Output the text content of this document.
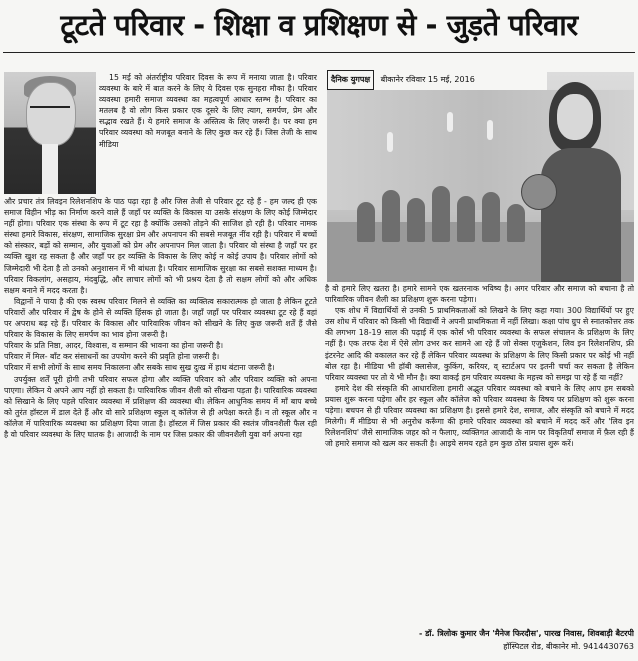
टूटते परिवार - शिक्षा व प्रशिक्षण से - जुड़ते परिवार

15 मई को अंतर्राष्ट्रीय परिवार दिवस के रूप में मनाया जाता है। परिवार व्यवस्था के बारे में बात करने के लिए ये दिवस एक सुनहरा मौका है। परिवार व्यवस्था हमारी समाज व्यवस्था का महत्वपूर्ण आधार स्तम्भ है। परिवार का मतलब है वो लोग किस प्रकार एक दूसरे के लिए त्याग, समर्पण, प्रेम और सद्भाव रखते हैं। ये हमारे समाज के अस्तित्व के लिए जरूरी है। पर क्या हम परिवार व्यवस्था को मजबूत बनाने के लिए कुछ कर रहे हैं। जिस तेजी के साथ मीडिया

दैनिक युगपक्ष बीकानेर रविवार 15 मई, 2016

और प्रचार तंत्र लिवइन रिलेशनशिप के पाठ पढ़ा रहा है और जिस तेजी से परिवार टूट रहे हैं - हम जल्द ही एक समाज विहीन भीड़ का निर्माण करने वाले हैं जहाँ पर व्यक्ति के विकास या उसके संरक्षण के लिए कोई जिम्मेदार नहीं होगा। परिवार एक संस्था के रूप में टूट रहा है क्योंकि उसको तोड़ने की साजिश हो रही है। परिवार नामक संस्था हमारे विकास, संरक्षण, सामाजिक सुरक्षा प्रेम और अपनापन की सबसे मजबूत नींव रही है। परिवार में बच्चों को संस्कार, बड़ों को सम्मान, और युवाओं को प्रेम और अपनापन मिल जाता है। परिवार वो संस्था है जहाँ पर हर व्यक्ति खुश रह सकता है और जहाँ पर हर व्यक्ति के विकास के लिए कोई न कोई उपाय है। परिवार लोगों को जिम्मेदारी भी देता है तो उनको अनुशासन में भी बांधता है। परिवार सामाजिक सुरक्षा का सबसे सशक्त माध्यम है। परिवार विकलांग, असहाय, मंदबुद्धि, और लाचार लोगों को भी प्रश्रय देता है तो सक्षम लोगों को और अधिक सक्षम बनाने में मदद करता है।

विद्वानों ने पाया है की एक स्वस्थ परिवार मिलने से व्यक्ति का व्यक्तित्व सकारात्मक हो जाता है लेकिन टूटते परिवारों और परिवार में द्वेष के होने से व्यक्ति हिंसक हो जाता है। जहाँ जहाँ पर परिवार व्यवस्था टूट रहे हैं वहां पर अपराध बढ़ रहे हैं। परिवार के विकास और पारिवारिक जीवन को सीखने के लिए कुछ जरूरी शर्तें हैं जैसे परिवार के विकास के लिए समर्पण का भाव होना जरूरी है।

परिवार के प्रति निष्ठा, आदर, विश्वास, व सम्मान की भावना का होना जरूरी है।

परिवार में मिल- बाँट कर संसाधनों का उपयोग करने की प्रवृति होना जरूरी है।

परिवार में सभी लोगों के साथ समय निकालना और सबके साथ सुख दुःख में हाथ बंटाना जरूरी है।

उपर्युक्त शर्तें पूरी होगी तभी परिवार सफल होगा और व्यक्ति परिवार को और परिवार व्यक्ति को अपना पाएगा। लेकिन ये अपने आप नहीं हो सकता है। पारिवारिक जीवन शैली को सीखना पड़ता है। पारिवारिक व्यवस्था को सिखाने के लिए पहले परिवार व्यवस्था में प्रशिक्षण की व्यवस्था थी। लेकिन आधुनिक समय में माँ बाप बच्चे को तुरंत हॉस्टल में डाल देते हैं और वो सारे प्रशिक्षण स्कूल व् कॉलेज से ही अपेक्षा करते हैं। न तो स्कूल और न कॉलेज में पारिवारिक व्यवस्था का प्रशिक्षण दिया जाता है। हॉस्टल में जिस प्रकार की स्वतंत्र जीवनशैली फैल रही है वो परिवार व्यवस्था के लिए घातक है। आजादी के नाम पर जिस प्रकार की जीवनशैली युवा वर्ग अपना रहा

है वो हमारे लिए खतरा है। हमारे सामने एक खतरनाक भविष्य है। अगर परिवार और समाज को बचाना है तो पारिवारिक जीवन शैली का प्रशिक्षण शुरू करना पड़ेगा।

एक शोध में विद्यार्थियों से उनकी 5 प्राथमिकताओं को लिखने के लिए कहा गया। 300 विद्यार्थियों पर हुए उस शोध में परिवार को किसी भी विद्यार्थी ने अपनी प्राथमिकता में नहीं लिखा। कक्षा पांच ग्रुप से स्नातकोत्तर तक की लगभग 18-19 साल की पढ़ाई में एक कोर्स भी परिवार व्यवस्था के सफल संचालन के प्रशिक्षण के लिए नहीं है। एक तरफ देश में ऐसे लोग उभर कर सामने आ रहे हैं जो सेक्स एजुकेशन, लिव इन रिलेशनशिप, फ्री इंटरनेट आदि की वकालत कर रहे हैं लेकिन परिवार व्यवस्था के प्रशिक्षण के लिए किसी प्रकार पर कोई भी नहीं बोल रहा है। मीडिया भी हॉबी क्लासेज, कुकिंग, करियर, व् स्टार्टअप पर इतनी चर्चा कर सकता है लेकिन परिवार व्यवस्था पर तो ये भी मौन है। क्या वाकई हम परिवार व्यवस्था के महत्त्व को समझ पा रहे हैं या नहीं?

हमारे देश की संस्कृति की आधारशिला हमारी अद्भुत परिवार व्यवस्था को बचाने के लिए आप हम सबको प्रयास शुरू करना पड़ेगा और हर स्कूल और कॉलेज को परिवार व्यवस्था के विषय पर प्रशिक्षण को शुरू करना पड़ेगा। बचपन से ही परिवार व्यवस्था का प्रशिक्षण है। इससे हमारे देश, समाज, और संस्कृति को बचाने में मदद मिलेगी। मैं मीडिया से भी अनुरोध करूँगा की हमारे परिवार व्यवस्था को बचाने में मदद करें और 'लिव इन रिलेशनशिप' जैसे सामाजिक जहर को न फैलाए, व्यक्तिगत आजादी के नाम पर विकृतियाँ समाज में फ़ैल रही हैं जो हमारे समाज को खत्म कर सकती है। आइये समय रहते हम कुछ ठोस प्रयास शुरू करें।

- डॉ. त्रिलोक कुमार जैन 'मैनेज फिरदौस', पारख निवास, शिवबाड़ी बैटरपी
हॉस्पिटल रोड, बीकानेर मो. 9414430763
